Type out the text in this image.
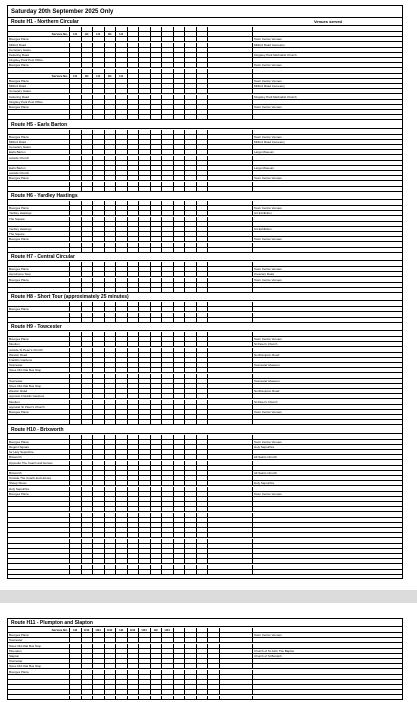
Saturday 20th September 2025 Only
Route H1 - Northern Circular	Venues served
Service No.	H1	H1	H1	H1	H1
Bourges Plaza	Town Centre Venues
Milford Road	Milford Road Cemetery
Cemetery Gates
Kettering Road	Kingsley Park Methodist Church
Kingsley Park Post Office
Bourges Plaza	Town Centre Venues
Service No.	H1	H1	H1	H1	H1
Bourges Plaza	Town Centre Venues
Milford Road	Milford Road Cemetery
Cemetery Gates
Kettering Road	Kingsley Park Methodist Church
Kingsley Park Post Office
Bourges Plaza	Town Centre Venues
Route H5 - Earls Barton
Bourges Plaza	Town Centre Venues
Milford Road	Milford Road Cemetery
Cemetery Gates
Earls Barton	Large Museum
outside Church
Earls Barton	Large Museum
outside Church
Bourges Plaza	Town Centre Venues
Route H6 - Yardley Hastings
Bourges Plaza	Town Centre Venues
Yardley Hastings	Art Exhibition
The Square
Yardley Hastings	Art Exhibition
The Square
Bourges Plaza	Town Centre Venues
Route H7 - Central Circular
Bourges Plaza	Town Centre Venues
Aerodrome Stop	Crescent Road
Bourges Plaza	Town Centre Venues
Route H8 - Short Tour (approximately 25 minutes)
Bourges Plaza
Route H9 - Towcester
Bourges Plaza	Town Centre Venues
Moulton	St Peter's Church
outside St Peter's Church
Weston Road	Northampton Road
Franklin Gardens
Towcester	Towcester Museum
Sixes Old Oak Bus Stop
Towcester	Towcester Museum
Sixes Old Oak Bus Stop
Weston Road	Northampton Road
opposite Franklin Gardens
Moulton	St Peter's Church
opposite St Peter's Church
Bourges Plaza	Town Centre Venues
Route H10 - Brixworth
Bourges Plaza	Town Centre Venues
Regent Square	Holy Sepulchre
for Holy Sepulchre
Brixworth	All Saints Church
Opposite The Coach and Horses
Brixworth	All Saints Church
Outside The Coach and Horses
Sheep Street	Holy Sepulchre
Holy Sepulchre
Bourges Plaza	Town Centre Venues
Route H11 - Plumpton and Slapton
Service No.	H2	H11	H11	H11	H2	H11	H11	H2	H11
Bourges Plaza	Town Centre Venues
Towcester
Sixes Old Oak Bus Stop
Plumpton	Church of St John The Baptist
Slapton	Church of St Botolph
Towcester
Sixes Old Oak Bus Stop
Bourges Plaza
